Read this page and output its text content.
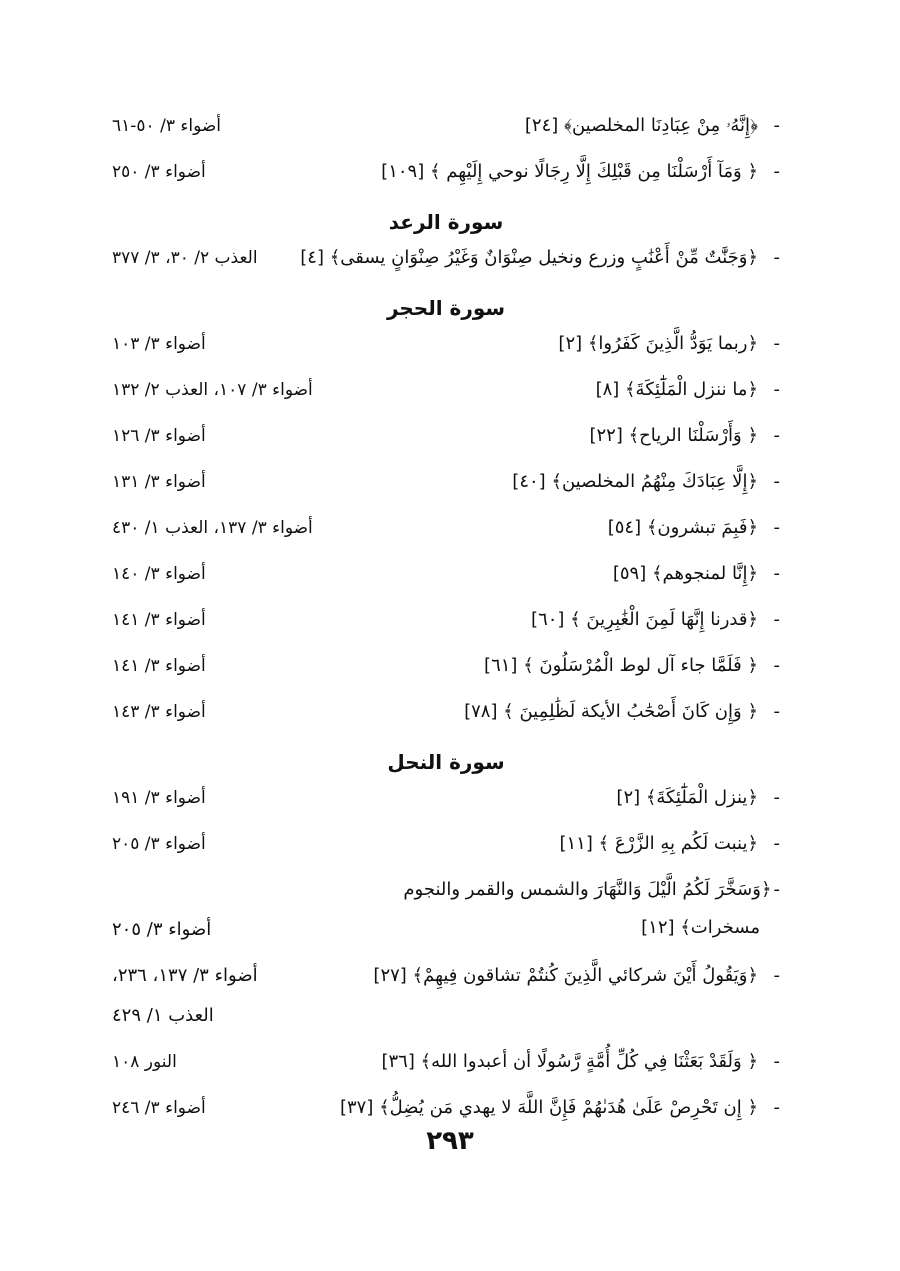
-
﴿إِنَّهُۥ مِنْ عِبَادِنَا المخلصين﴾ [٢٤]
أضواء ٣/ ٥٠-٦١
-
﴿ وَمَآ أَرْسَلْنَا مِن قَبْلِكَ إِلَّا رِجَالًا نوحي إِلَيْهِم ﴾ [١٠٩]
أضواء ٣/ ٢٥٠
سورة الرعد
-
﴿وَجَنَّٰتٌ مِّنْ أَعْنَٰبٍ وزرع ونخيل صِنْوَانٌ وَغَيْرُ صِنْوَانٍ يسقى﴾ [٤]
العذب ٢/ ٣٠، ٣/ ٣٧٧
سورة الحجر
-
﴿ربما يَوَدُّ الَّذِينَ كَفَرُوا﴾ [٢]
أضواء ٣/ ١٠٣
-
﴿ما ننزل الْمَلَٰٓئِكَةَ﴾ [٨]
أضواء ٣/ ١٠٧، العذب ٢/ ١٣٢
-
﴿ وَأَرْسَلْنَا الرياح﴾ [٢٢]
أضواء ٣/ ١٢٦
-
﴿إِلَّا عِبَادَكَ مِنْهُمُ المخلصين﴾ [٤٠]
أضواء ٣/ ١٣١
-
﴿فَبِمَ تبشرون﴾ [٥٤]
أضواء ٣/ ١٣٧، العذب ١/ ٤٣٠
-
﴿إِنَّا لمنجوهم﴾ [٥٩]
أضواء ٣/ ١٤٠
-
﴿قدرنا إِنَّهَا لَمِنَ الْغَٰبِرِينَ ﴾ [٦٠]
أضواء ٣/ ١٤١
-
﴿ فَلَمَّا جاء آل لوط الْمُرْسَلُونَ ﴾ [٦١]
أضواء ٣/ ١٤١
-
﴿ وَإِن كَانَ أَصْحَٰبُ الأيكة لَظَٰلِمِينَ ﴾ [٧٨]
أضواء ٣/ ١٤٣
سورة النحل
-
﴿ينزل الْمَلَٰٓئِكَةَ﴾ [٢]
أضواء ٣/ ١٩١
-
﴿ينبت لَكُم بِهِ الزَّرْعَ ﴾ [١١]
أضواء ٣/ ٢٠٥
-﴿وَسَخَّرَ لَكُمُ الَّيْلَ وَالنَّهَارَ والشمس والقمر والنجوم
مسخرات﴾ [١٢]
أضواء ٣/ ٢٠٥
-
﴿وَيَقُولُ أَيْنَ شركائي الَّذِينَ كُنتُمْ تشاقون فِيهِمْ﴾ [٢٧]
أضواء ٣/ ١٣٧، ٢٣٦،
العذب ١/ ٤٢٩
-
﴿ وَلَقَدْ بَعَثْنَا فِي كُلِّ أُمَّةٍ رَّسُولًا أن أعبدوا الله﴾ [٣٦]
النور ١٠٨
-
﴿ إِن تَحْرِصْ عَلَىٰ هُدَىٰهُمْ فَإِنَّ اللَّهَ لا يهدي مَن يُضِلُّ﴾ [٣٧]
أضواء ٣/ ٢٤٦
٢٩٣
